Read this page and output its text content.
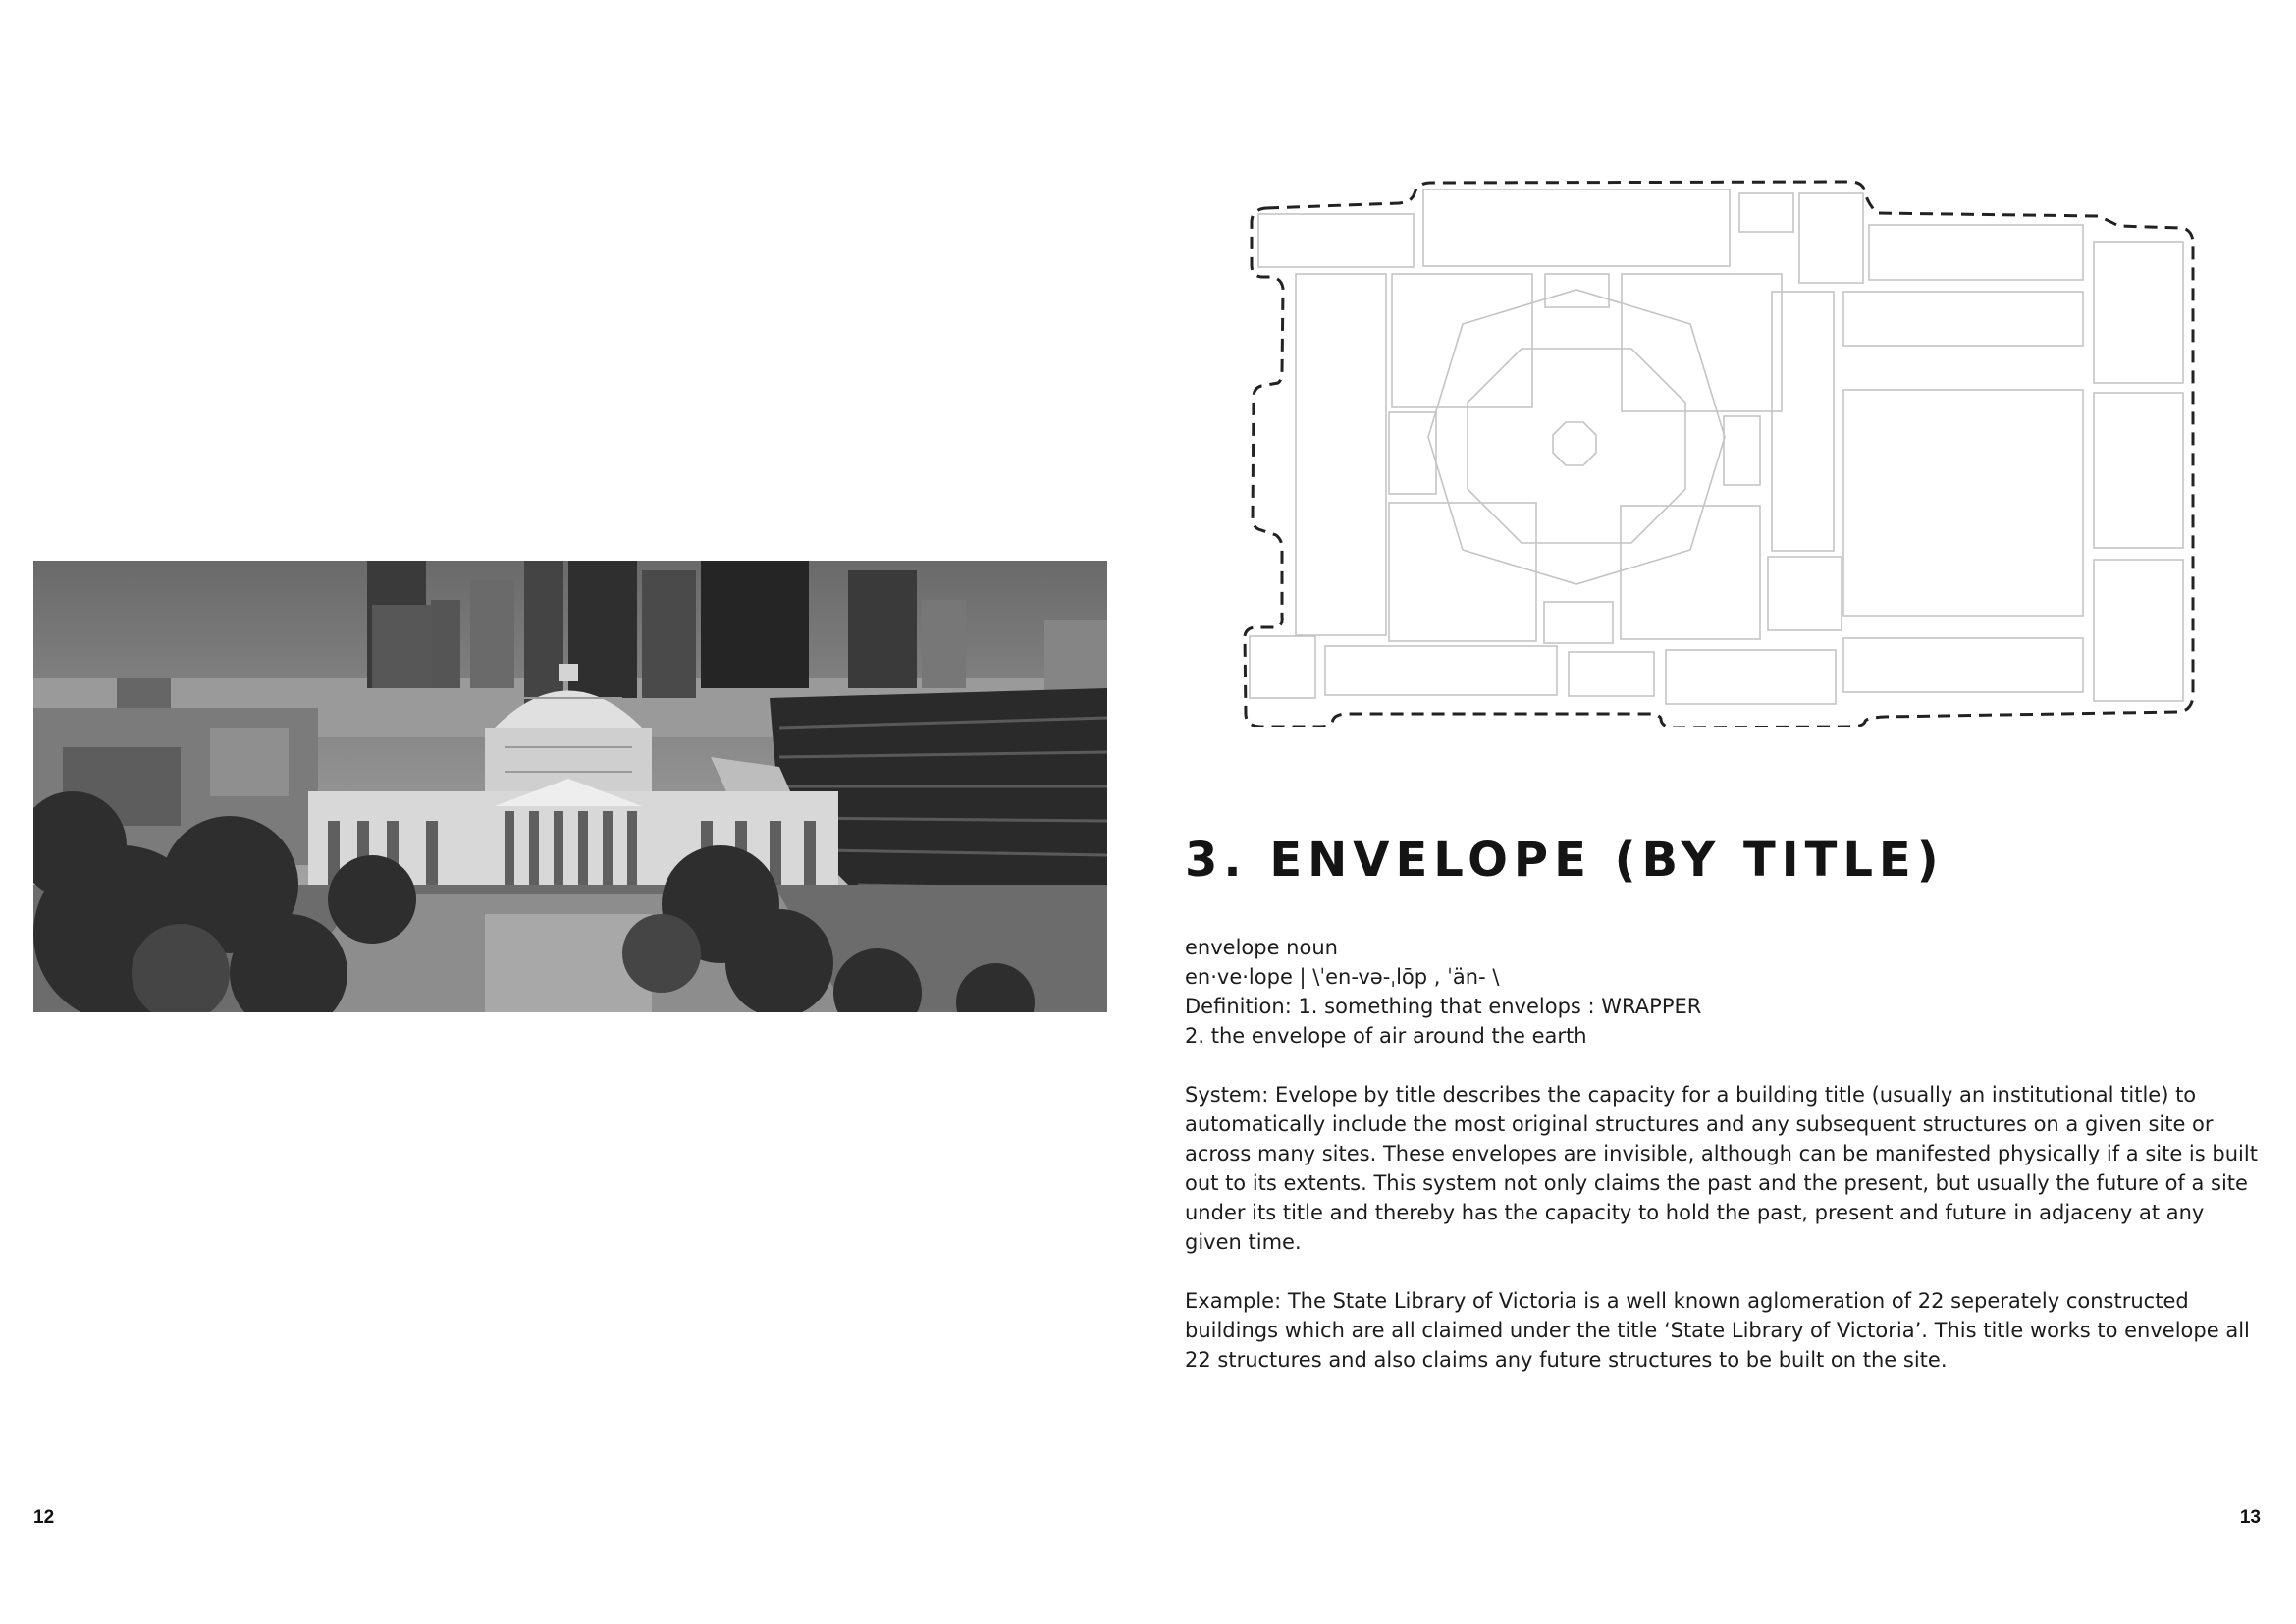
3. ENVELOPE (BY TITLE)

envelope noun

en·ve·lope | \ˈen-və-ˌlōp , ˈän- \

Definition: 1. something that envelops : WRAPPER

2. the envelope of air around the earth

System: Evelope by title describes the capacity for a building title (usually an institutional title) to automatically include the most original structures and any subsequent structures on a given site or across many sites. These envelopes are invisible, although can be manifested physically if a site is built out to its extents. This system not only claims the past and the present, but usually the future of a site under its title and thereby has the capacity to hold the past, present and future in adjaceny at any given time.

Example: The State Library of Victoria is a well known aglomeration of 22 seperately constructed buildings which are all claimed under the title ‘State Library of Victoria’. This title works to envelope all 22 structures and also claims any future structures to be built on the site.

12	13
